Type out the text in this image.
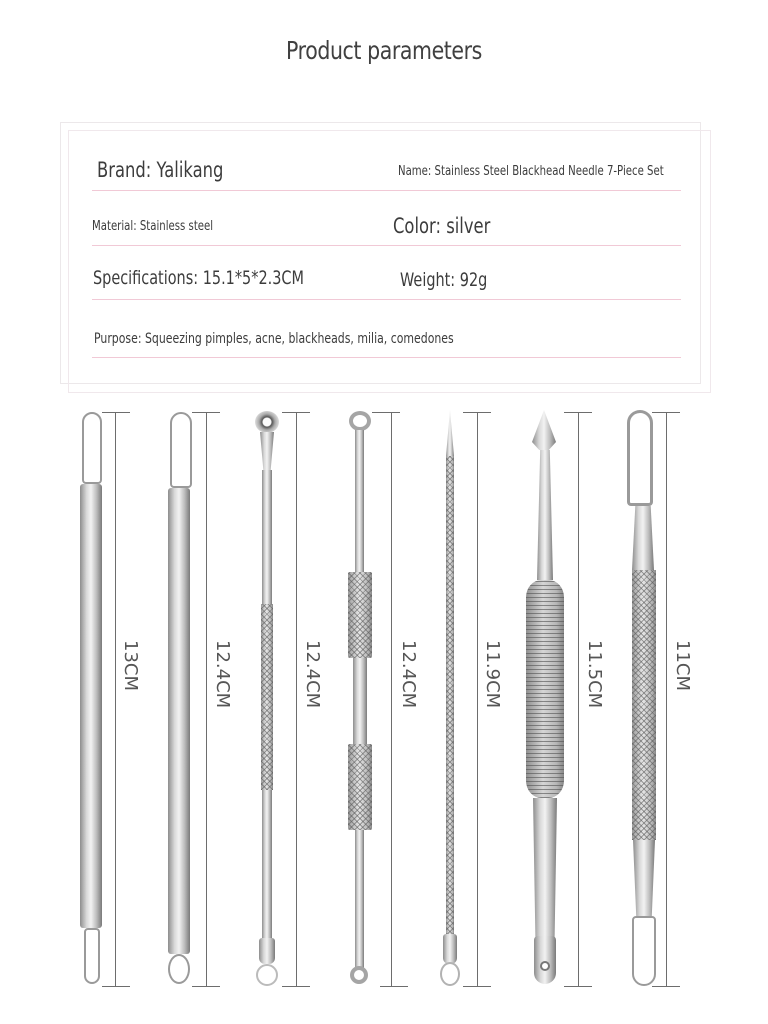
Product parameters
Brand: Yalikang	Name: Stainless Steel Blackhead Needle 7-Piece Set
Material: Stainless steel	Color: silver
Specifications: 15.1*5*2.3CM	Weight: 92g
Purpose: Squeezing pimples, acne, blackheads, milia, comedones
13CM	12.4CM	12.4CM	12.4CM	11.9CM	11.5CM	11CM
